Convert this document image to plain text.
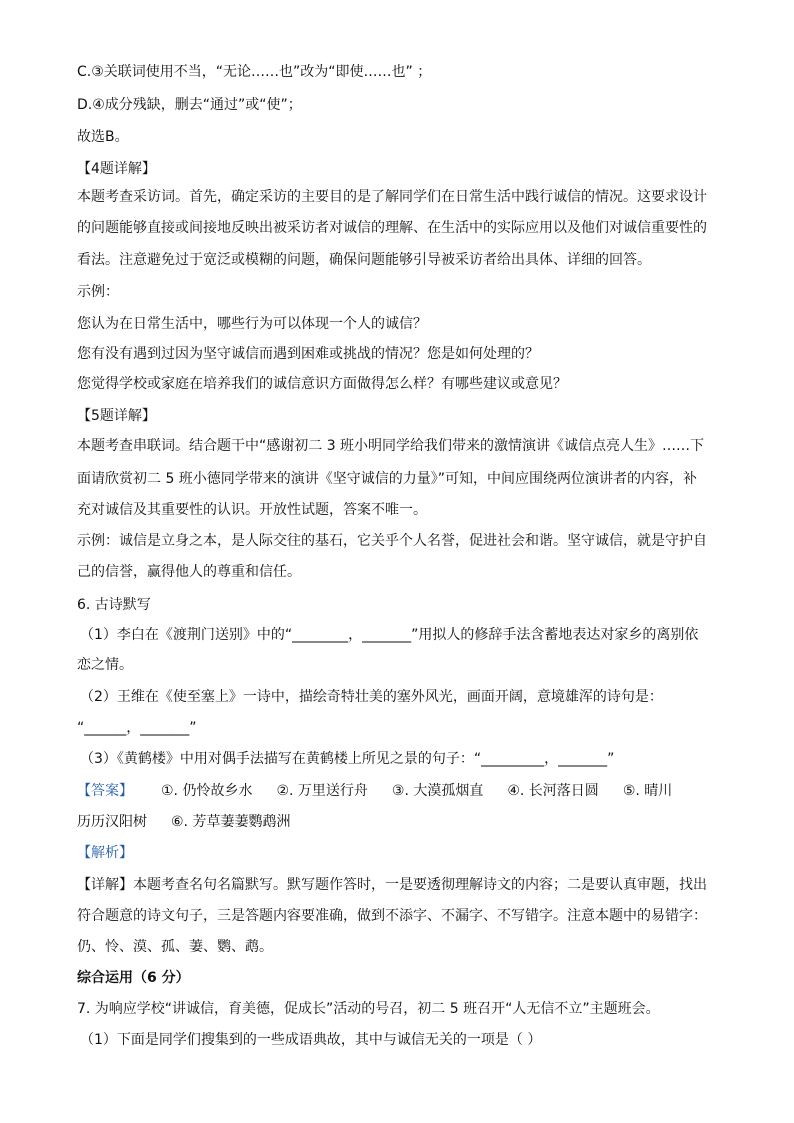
C.③关联词使用不当，“无论……也”改为“即使……也” ；
D.④成分残缺，删去“通过”或“使”；
故选B。
【4题详解】
本题考查采访词。首先，确定采访的主要目的是了解同学们在日常生活中践行诚信的情况。这要求设计
的问题能够直接或间接地反映出被采访者对诚信的理解、在生活中的实际应用以及他们对诚信重要性的
看法。注意避免过于宽泛或模糊的问题，确保问题能够引导被采访者给出具体、详细的回答。
示例：
您认为在日常生活中，哪些行为可以体现一个人的诚信？
您有没有遇到过因为坚守诚信而遇到困难或挑战的情况？您是如何处理的？
您觉得学校或家庭在培养我们的诚信意识方面做得怎么样？有哪些建议或意见？
【5题详解】
本题考查串联词。结合题干中“感谢初二 3 班小明同学给我们带来的激情演讲《诚信点亮人生》……下
面请欣赏初二 5 班小德同学带来的演讲《坚守诚信的力量》”可知，中间应围绕两位演讲者的内容，补
充对诚信及其重要性的认识。开放性试题，答案不唯一。
示例：诚信是立身之本，是人际交往的基石，它关乎个人名誉，促进社会和谐。坚守诚信，就是守护自
己的信誉，赢得他人的尊重和信任。
6. 古诗默写
（1）李白在《渡荆门送别》中的“________，_______”用拟人的修辞手法含蓄地表达对家乡的离别依
恋之情。
（2）王维在《使至塞上》一诗中，描绘奇特壮美的塞外风光，画面开阔，意境雄浑的诗句是：
“______，_______”
（3）《黄鹤楼》中用对偶手法描写在黄鹤楼上所见之景的句子：“_________，_______”
【答案】 ①. 仍怜故乡水 ②. 万里送行舟 ③. 大漠孤烟直 ④. 长河落日圆 ⑤. 晴川
历历汉阳树 ⑥. 芳草萋萋鹦鹉洲
【解析】
【详解】本题考查名句名篇默写。默写题作答时，一是要透彻理解诗文的内容；二是要认真审题，找出
符合题意的诗文句子，三是答题内容要准确，做到不添字、不漏字、不写错字。注意本题中的易错字：
仍、怜、漠、孤、萋、鹦、鹉。
综合运用（6 分）
7. 为响应学校“讲诚信，育美德，促成长”活动的号召，初二 5 班召开“人无信不立”主题班会。
（1）下面是同学们搜集到的一些成语典故，其中与诚信无关的一项是（ ）
